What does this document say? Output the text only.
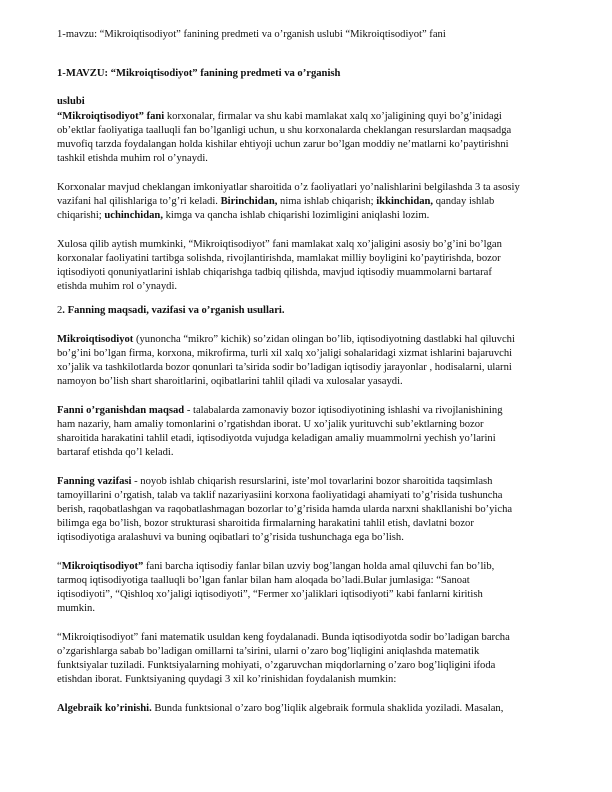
1-mavzu: “Mikroiqtisodiyot” fanining predmeti va o’rganish uslubi “Mikroiqtisodiyot” fani
1-MAVZU: “Mikroiqtisodiyot” fanining predmeti va o’rganish
uslubi
“Mikroiqtisodiyot” fani korxonalar, firmalar va shu kabi mamlakat xalq xo’jaligining quyi bo’g’inidagi
ob’ektlar faoliyatiga taalluqli fan bo’lganligi uchun, u shu korxonalarda cheklangan resurslardan maqsadga
muvofiq tarzda foydalangan holda kishilar ehtiyoji uchun zarur bo’lgan moddiy ne’matlarni ko’paytirishni
tashkil etishda muhim rol o’ynaydi.
Korxonalar mavjud cheklangan imkoniyatlar sharoitida o’z faoliyatlari yo’nalishlarini belgilashda 3 ta asosiy
vazifani hal qilishlariga to’g’ri keladi. Birinchidan, nima ishlab chiqarish; ikkinchidan, qanday ishlab
chiqarishi; uchinchidan, kimga va qancha ishlab chiqarishi lozimligini aniqlashi lozim.
Xulosa qilib aytish mumkinki, “Mikroiqtisodiyot” fani mamlakat xalq xo’jaligini asosiy bo’g’ini bo’lgan
korxonalar faoliyatini tartibga solishda, rivojlantirishda, mamlakat milliy boyligini ko’paytirishda, bozor
iqtisodiyoti qonuniyatlarini ishlab chiqarishga tadbiq qilishda, mavjud iqtisodiy muammolarni bartaraf
etishda muhim rol o’ynaydi.
2. Fanning maqsadi, vazifasi va o’rganish usullari.
Mikroiqtisodiyot (yunoncha “mikro” kichik) so’zidan olingan bo’lib, iqtisodiyotning dastlabki hal qiluvchi
bo’g’ini bo’lgan firma, korxona, mikrofirma, turli xil xalq xo’jaligi sohalaridagi xizmat ishlarini bajaruvchi
xo’jalik va tashkilotlarda bozor qonunlari ta’sirida sodir bo’ladigan iqtisodiy jarayonlar , hodisalarni, ularni
namoyon bo’lish shart sharoitlarini, oqibatlarini tahlil qiladi va xulosalar yasaydi.
Fanni o’rganishdan maqsad - talabalarda zamonaviy bozor iqtisodiyotining ishlashi va rivojlanishining
ham nazariy, ham amaliy tomonlarini o’rgatishdan iborat. U xo’jalik yurituvchi sub’ektlarning bozor
sharoitida harakatini tahlil etadi, iqtisodiyotda vujudga keladigan amaliy muammolrni yechish yo’larini
bartaraf etishda qo’l keladi.
Fanning vazifasi - noyob ishlab chiqarish resurslarini, iste’mol tovarlarini bozor sharoitida taqsimlash
tamoyillarini o’rgatish, talab va taklif nazariyasiini korxona faoliyatidagi ahamiyati to’g’risida tushuncha
berish, raqobatlashgan va raqobatlashmagan bozorlar to’g’risida hamda ularda narxni shakllanishi bo’yicha
bilimga ega bo’lish, bozor strukturasi sharoitida firmalarning harakatini tahlil etish, davlatni bozor
iqtisodiyotiga aralashuvi va buning oqibatlari to’g’risida tushunchaga ega bo’lish.
“Mikroiqtisodiyot” fani barcha iqtisodiy fanlar bilan uzviy bog’langan holda amal qiluvchi fan bo’lib,
tarmoq iqtisodiyotiga taalluqli bo’lgan fanlar bilan ham aloqada bo’ladi.Bular jumlasiga: “Sanoat
iqtisodiyoti”, “Qishloq xo’jaligi iqtisodiyoti”, “Fermer xo’jaliklari iqtisodiyoti” kabi fanlarni kiritish
mumkin.
“Mikroiqtisodiyot” fani matematik usuldan keng foydalanadi. Bunda iqtisodiyotda sodir bo’ladigan barcha
o’zgarishlarga sabab bo’ladigan omillarni ta’sirini, ularni o’zaro bog’liqligini aniqlashda matematik
funktsiyalar tuziladi. Funktsiyalarning mohiyati, o’zgaruvchan miqdorlarning o’zaro bog’liqligini ifoda
etishdan iborat. Funktsiyaning quydagi 3 xil ko’rinishidan foydalanish mumkin:
Algebraik ko’rinishi. Bunda funktsional o’zaro bog’liqlik algebraik formula shaklida yoziladi. Masalan,
